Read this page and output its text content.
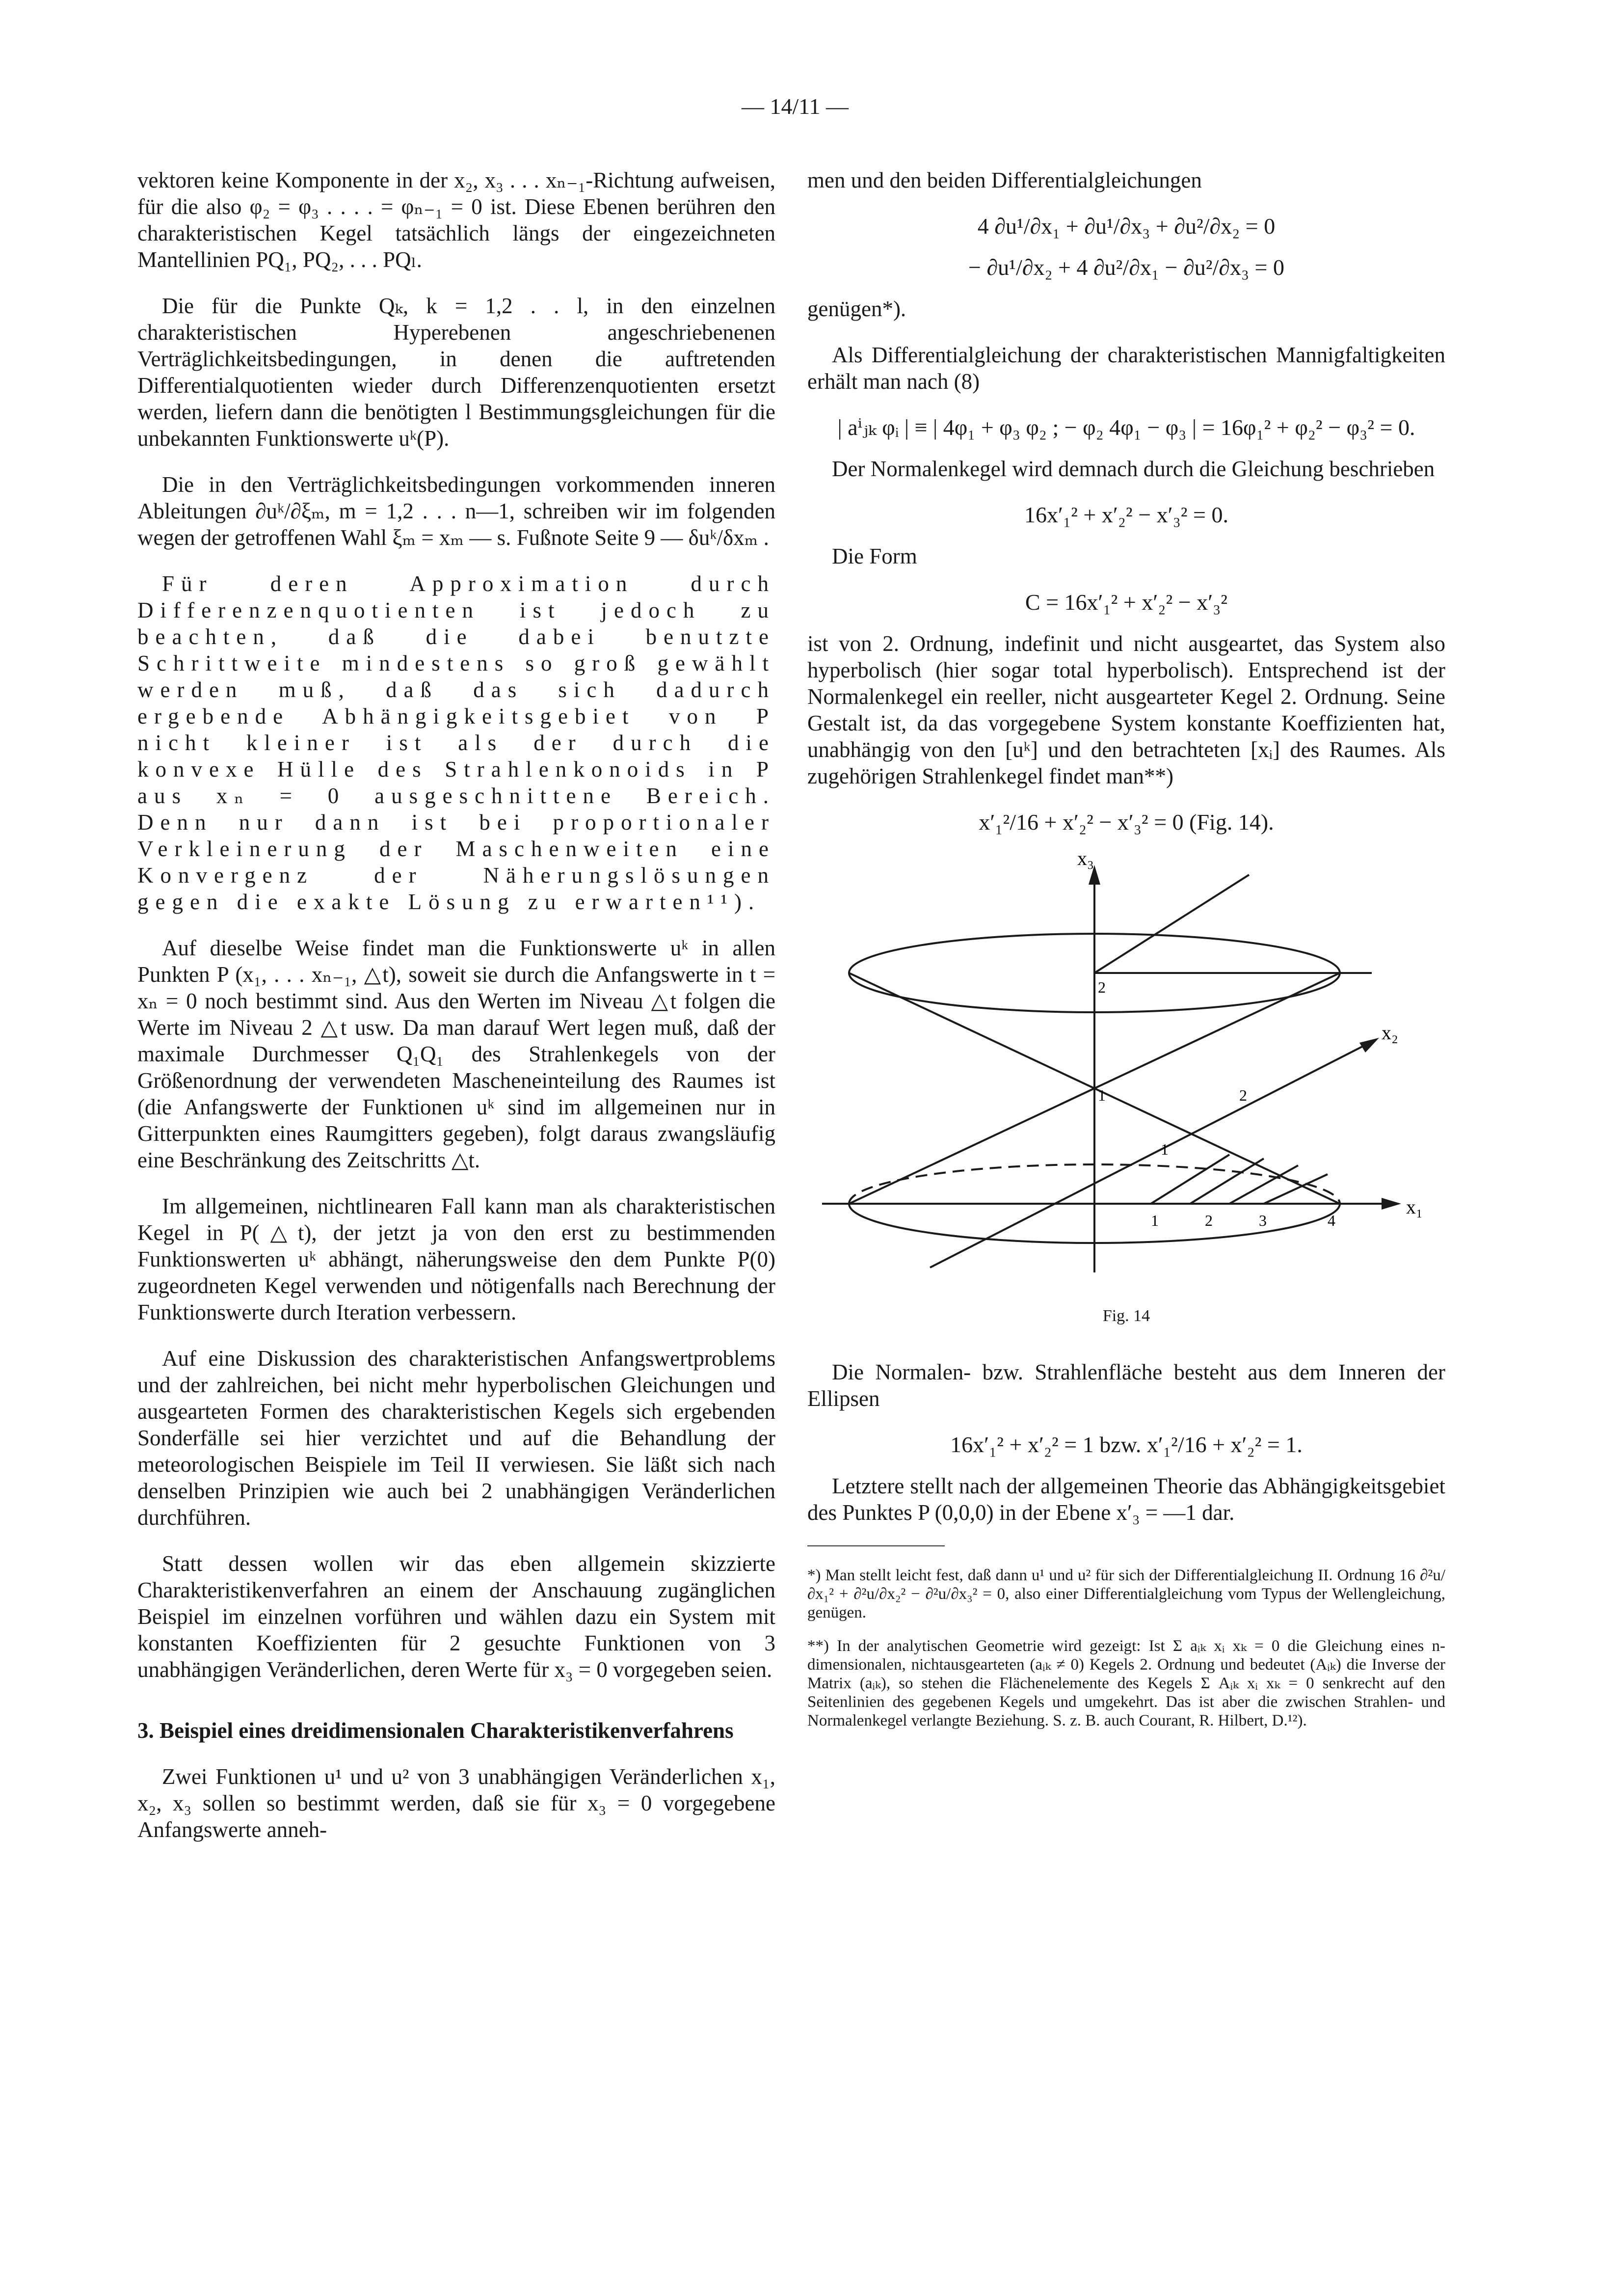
— 14/11 —

vektoren keine Komponente in der x₂, x₃ . . . xₙ₋₁-Richtung aufweisen, für die also φ₂ = φ₃ . . . . = φₙ₋₁ = 0 ist. Diese Ebenen berühren den charakteristischen Kegel tatsächlich längs der eingezeichneten Mantellinien PQ₁, PQ₂, . . . PQₗ.

Die für die Punkte Qₖ, k = 1,2 . . l, in den einzelnen charakteristischen Hyperebenen angeschriebenenen Verträglichkeitsbedingungen, in denen die auftretenden Differentialquotienten wieder durch Differenzenquotienten ersetzt werden, liefern dann die benötigten l Bestimmungsgleichungen für die unbekannten Funktionswerte uᵏ(P).

Die in den Verträglichkeitsbedingungen vorkommenden inneren Ableitungen ∂uᵏ/∂ξₘ, m = 1,2 . . . n—1, schreiben wir im folgenden wegen der getroffenen Wahl ξₘ = xₘ — s. Fußnote Seite 9 — δuᵏ/δxₘ .

Für deren Approximation durch Differenzenquotienten ist jedoch zu beachten, daß die dabei benutzte Schrittweite mindestens so groß gewählt werden muß, daß das sich dadurch ergebende Abhängigkeitsgebiet von P nicht kleiner ist als der durch die konvexe Hülle des Strahlenkonoids in P aus xₙ = 0 ausgeschnittene Bereich. Denn nur dann ist bei proportionaler Verkleinerung der Maschenweiten eine Konvergenz der Näherungslösungen gegen die exakte Lösung zu erwarten¹¹).

Auf dieselbe Weise findet man die Funktionswerte uᵏ in allen Punkten P (x₁, . . . xₙ₋₁, △t), soweit sie durch die Anfangswerte in t = xₙ = 0 noch bestimmt sind. Aus den Werten im Niveau △t folgen die Werte im Niveau 2 △t usw. Da man darauf Wert legen muß, daß der maximale Durchmesser Q₁Q₁ des Strahlenkegels von der Größenordnung der verwendeten Mascheneinteilung des Raumes ist (die Anfangswerte der Funktionen uᵏ sind im allgemeinen nur in Gitterpunkten eines Raumgitters gegeben), folgt daraus zwangsläufig eine Beschränkung des Zeitschritts △t.

Im allgemeinen, nichtlinearen Fall kann man als charakteristischen Kegel in P(△t), der jetzt ja von den erst zu bestimmenden Funktionswerten uᵏ abhängt, näherungsweise den dem Punkte P(0) zugeordneten Kegel verwenden und nötigenfalls nach Berechnung der Funktionswerte durch Iteration verbessern.

Auf eine Diskussion des charakteristischen Anfangswertproblems und der zahlreichen, bei nicht mehr hyperbolischen Gleichungen und ausgearteten Formen des charakteristischen Kegels sich ergebenden Sonderfälle sei hier verzichtet und auf die Behandlung der meteorologischen Beispiele im Teil II verwiesen. Sie läßt sich nach denselben Prinzipien wie auch bei 2 unabhängigen Veränderlichen durchführen.

Statt dessen wollen wir das eben allgemein skizzierte Charakteristikenverfahren an einem der Anschauung zugänglichen Beispiel im einzelnen vorführen und wählen dazu ein System mit konstanten Koeffizienten für 2 gesuchte Funktionen von 3 unabhängigen Veränderlichen, deren Werte für x₃ = 0 vorgegeben seien.

3. Beispiel eines dreidimensionalen Charakteristikenverfahrens

Zwei Funktionen u¹ und u² von 3 unabhängigen Veränderlichen x₁, x₂, x₃ sollen so bestimmt werden, daß sie für x₃ = 0 vorgegebene Anfangswerte anneh-

men und den beiden Differentialgleichungen

4 ∂u¹/∂x₁ + ∂u¹/∂x₃ + ∂u²/∂x₂ = 0
− ∂u¹/∂x₂ + 4 ∂u²/∂x₁ − ∂u²/∂x₃ = 0

genügen*).

Als Differentialgleichung der charakteristischen Mannigfaltigkeiten erhält man nach (8)

| aⁱⱼₖ φᵢ | ≡ | 4φ₁ + φ₃ φ₂ ; − φ₂ 4φ₁ − φ₃ | = 16φ₁² + φ₂² − φ₃² = 0.

Der Normalenkegel wird demnach durch die Gleichung beschrieben

16x′₁² + x′₂² − x′₃² = 0.

Die Form

C = 16x′₁² + x′₂² − x′₃²

ist von 2. Ordnung, indefinit und nicht ausgeartet, das System also hyperbolisch (hier sogar total hyperbolisch). Entsprechend ist der Normalenkegel ein reeller, nicht ausgearteter Kegel 2. Ordnung. Seine Gestalt ist, da das vorgegebene System konstante Koeffizienten hat, unabhängig von den [uᵏ] und den betrachteten [xᵢ] des Raumes. Als zugehörigen Strahlenkegel findet man**)

x′₁²/16 + x′₂² − x′₃² = 0 (Fig. 14).
x₃
x₂
x₁
2
1	2
1
1	2	3	4
Fig. 14

Die Normalen- bzw. Strahlenfläche besteht aus dem Inneren der Ellipsen

16x′₁² + x′₂² = 1 bzw. x′₁²/16 + x′₂² = 1.

Letztere stellt nach der allgemeinen Theorie das Abhängigkeitsgebiet des Punktes P (0,0,0) in der Ebene x′₃ = —1 dar.

*) Man stellt leicht fest, daß dann u¹ und u² für sich der Differentialgleichung II. Ordnung 16 ∂²u/∂x₁² + ∂²u/∂x₂² − ∂²u/∂x₃² = 0, also einer Differentialgleichung vom Typus der Wellengleichung, genügen.

**) In der analytischen Geometrie wird gezeigt: Ist Σ aᵢₖ xᵢ xₖ = 0 die Gleichung eines n-dimensionalen, nichtausgearteten (aᵢₖ ≠ 0) Kegels 2. Ordnung und bedeutet (Aᵢₖ) die Inverse der Matrix (aᵢₖ), so stehen die Flächenelemente des Kegels Σ Aᵢₖ xᵢ xₖ = 0 senkrecht auf den Seitenlinien des gegebenen Kegels und umgekehrt. Das ist aber die zwischen Strahlen- und Normalenkegel verlangte Beziehung. S. z. B. auch Courant, R. Hilbert, D.¹²).
